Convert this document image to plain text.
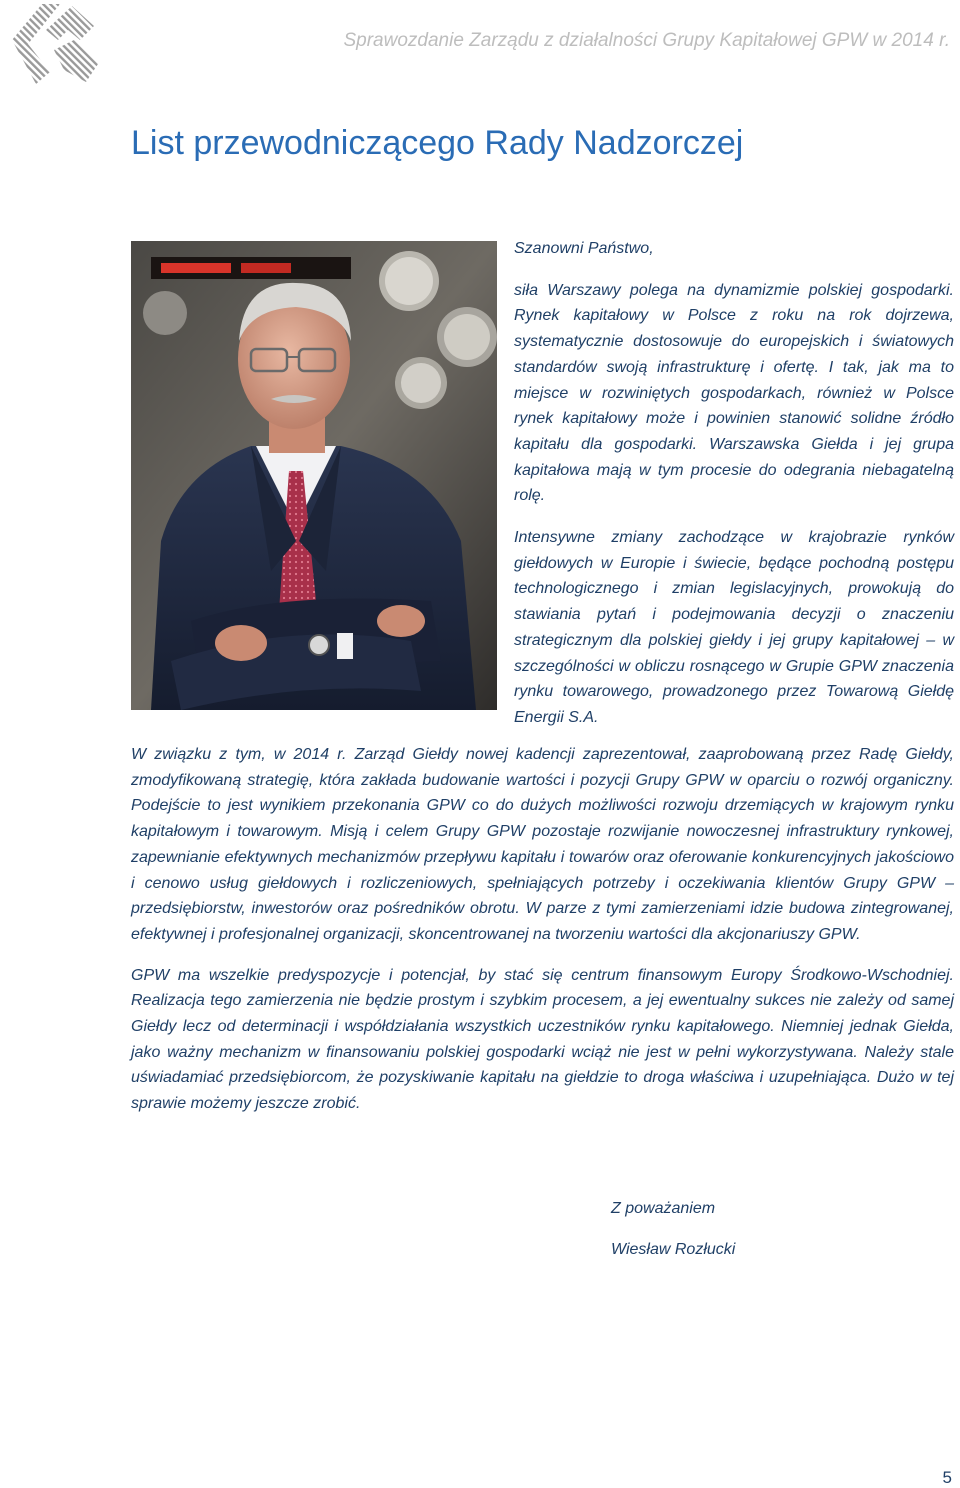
Sprawozdanie Zarządu z działalności Grupy Kapitałowej GPW w 2014 r.
List przewodniczącego Rady Nadzorczej

Szanowni Państwo,

siła Warszawy polega na dynamizmie polskiej gospodarki. Rynek kapitałowy w Polsce z roku na rok dojrzewa, systematycznie dostosowuje do europejskich i światowych standardów swoją infrastrukturę i ofertę. I tak, jak ma to miejsce w rozwiniętych gospodarkach, również w Polsce rynek kapitałowy może i powinien stanowić solidne źródło kapitału dla gospodarki. Warszawska Giełda i jej grupa kapitałowa mają w tym procesie do odegrania niebagatelną rolę.

Intensywne zmiany zachodzące w krajobrazie rynków giełdowych w Europie i świecie, będące pochodną postępu technologicznego i zmian legislacyjnych, prowokują do stawiania pytań i podejmowania decyzji o znaczeniu strategicznym dla polskiej giełdy i jej grupy kapitałowej – w szczególności w obliczu rosnącego w Grupie GPW znaczenia rynku towarowego, prowadzonego przez Towarową Giełdę Energii S.A.

W związku z tym, w 2014 r. Zarząd Giełdy nowej kadencji zaprezentował, zaaprobowaną przez Radę Giełdy, zmodyfikowaną strategię, która zakłada budowanie wartości i pozycji Grupy GPW w oparciu o rozwój organiczny. Podejście to jest wynikiem przekonania GPW co do dużych możliwości rozwoju drzemiących w krajowym rynku kapitałowym i towarowym. Misją i celem Grupy GPW pozostaje rozwijanie nowoczesnej infrastruktury rynkowej, zapewnianie efektywnych mechanizmów przepływu kapitału i towarów oraz oferowanie konkurencyjnych jakościowo i cenowo usług giełdowych i rozliczeniowych, spełniających potrzeby i oczekiwania klientów Grupy GPW – przedsiębiorstw, inwestorów oraz pośredników obrotu. W parze z tymi zamierzeniami idzie budowa zintegrowanej, efektywnej i profesjonalnej organizacji, skoncentrowanej na tworzeniu wartości dla akcjonariuszy GPW.

GPW ma wszelkie predyspozycje i potencjał, by stać się centrum finansowym Europy Środkowo-Wschodniej. Realizacja tego zamierzenia nie będzie prostym i szybkim procesem, a jej ewentualny sukces nie zależy od samej Giełdy lecz od determinacji i współdziałania wszystkich uczestników rynku kapitałowego. Niemniej jednak Giełda, jako ważny mechanizm w finansowaniu polskiej gospodarki wciąż nie jest w pełni wykorzystywana. Należy stale uświadamiać przedsiębiorcom, że pozyskiwanie kapitału na giełdzie to droga właściwa i uzupełniająca. Dużo w tej sprawie możemy jeszcze zrobić.

Z poważaniem
Wiesław Rozłucki
5
